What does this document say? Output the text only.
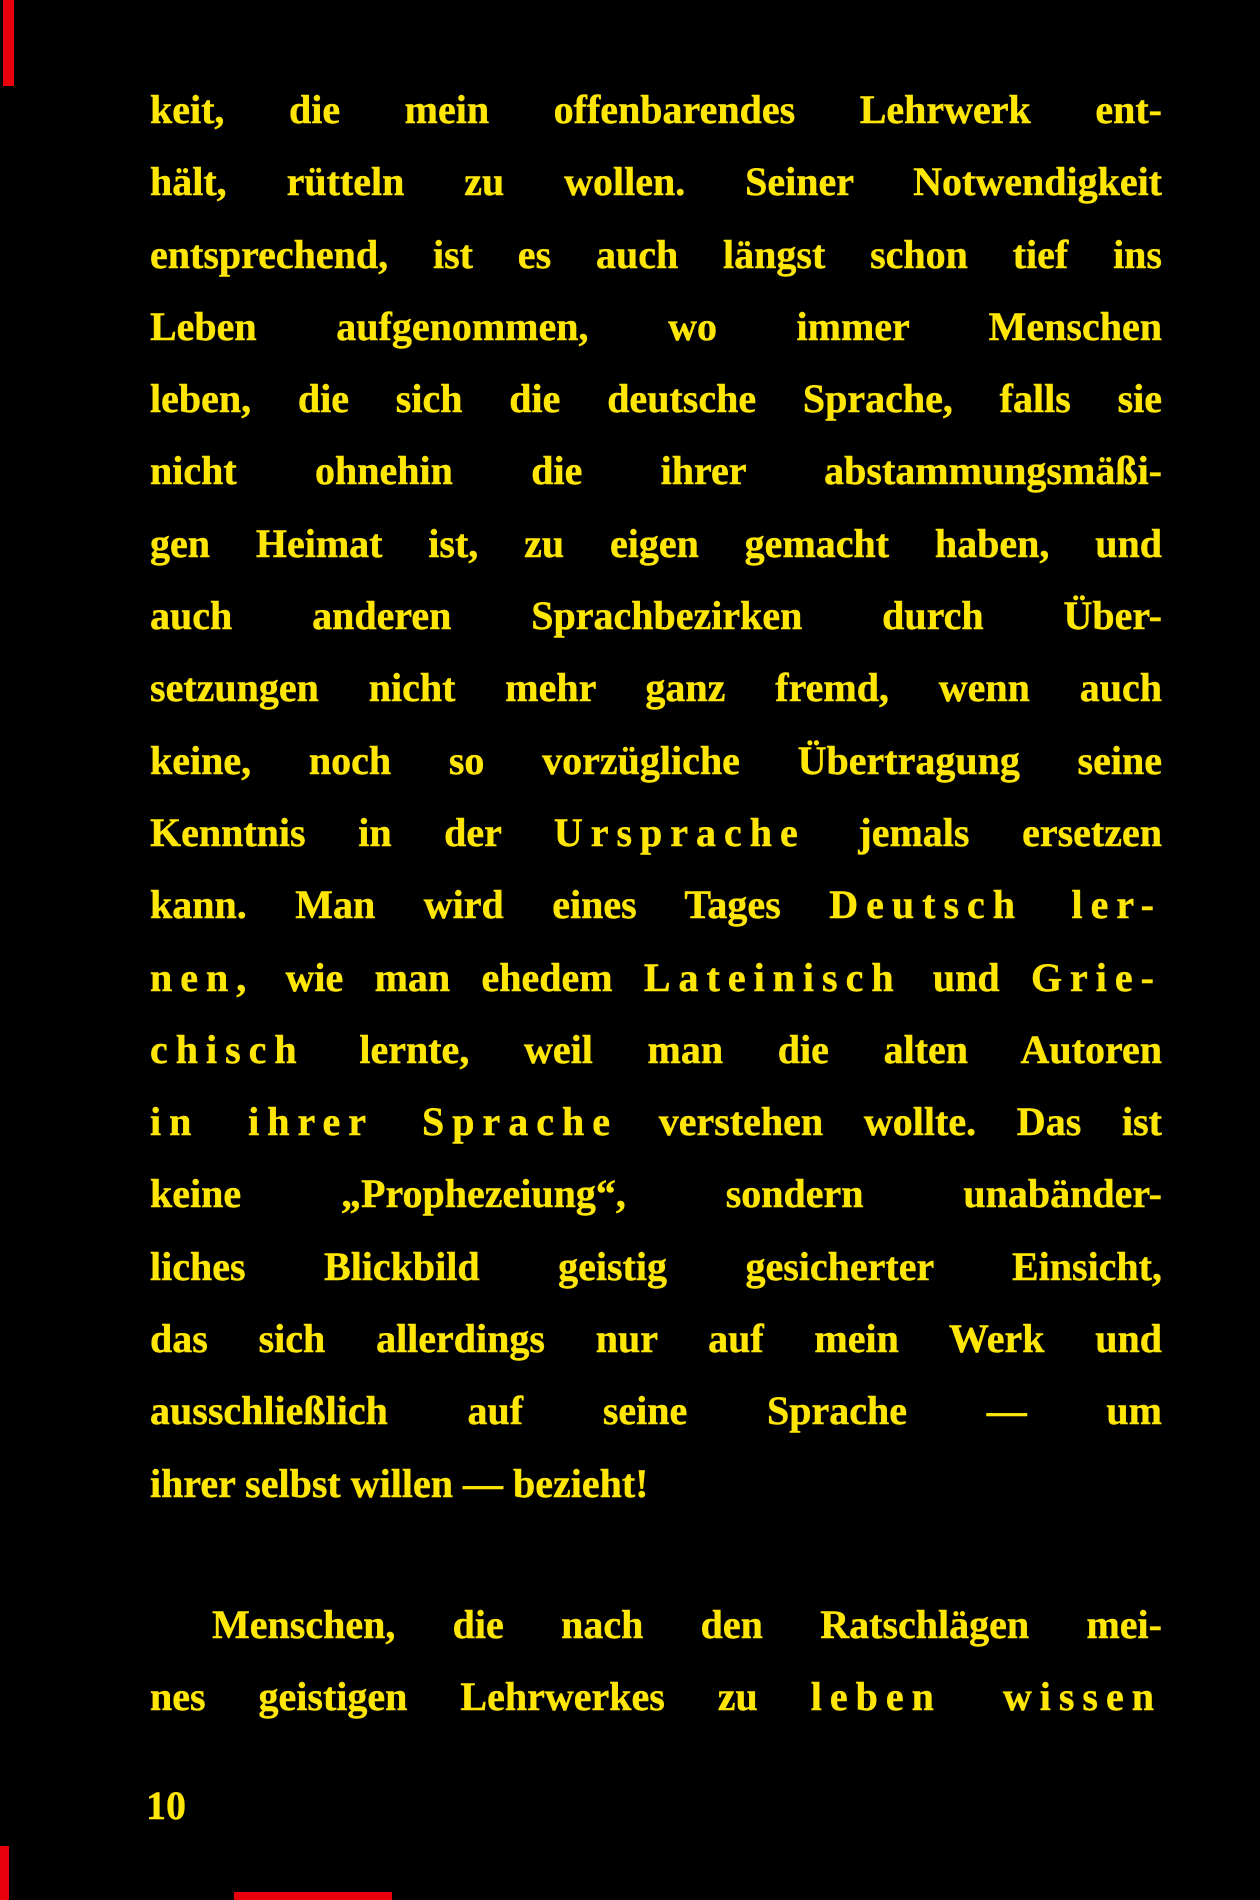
keit, die mein offenbarendes Lehrwerk ent-
hält, rütteln zu wollen. Seiner Notwendigkeit
entsprechend, ist es auch längst schon tief ins
Leben aufgenommen, wo immer Menschen
leben, die sich die deutsche Sprache, falls sie
nicht ohnehin die ihrer abstammungsmäßi-
gen Heimat ist, zu eigen gemacht haben, und
auch anderen Sprachbezirken durch Über-
setzungen nicht mehr ganz fremd, wenn auch
keine, noch so vorzügliche Übertragung seine
Kenntnis in der Ursprache jemals ersetzen
kann. Man wird eines Tages Deutsch ler-
nen, wie man ehedem Lateinisch und Grie-
chisch lernte, weil man die alten Autoren
in ihrer Sprache verstehen wollte. Das ist
keine „Prophezeiung“, sondern unabänder-
liches Blickbild geistig gesicherter Einsicht,
das sich allerdings nur auf mein Werk und
ausschließlich auf seine Sprache — um
ihrer selbst willen — bezieht!
Menschen, die nach den Ratschlägen mei-
nes geistigen Lehrwerkes zu leben wissen
10
